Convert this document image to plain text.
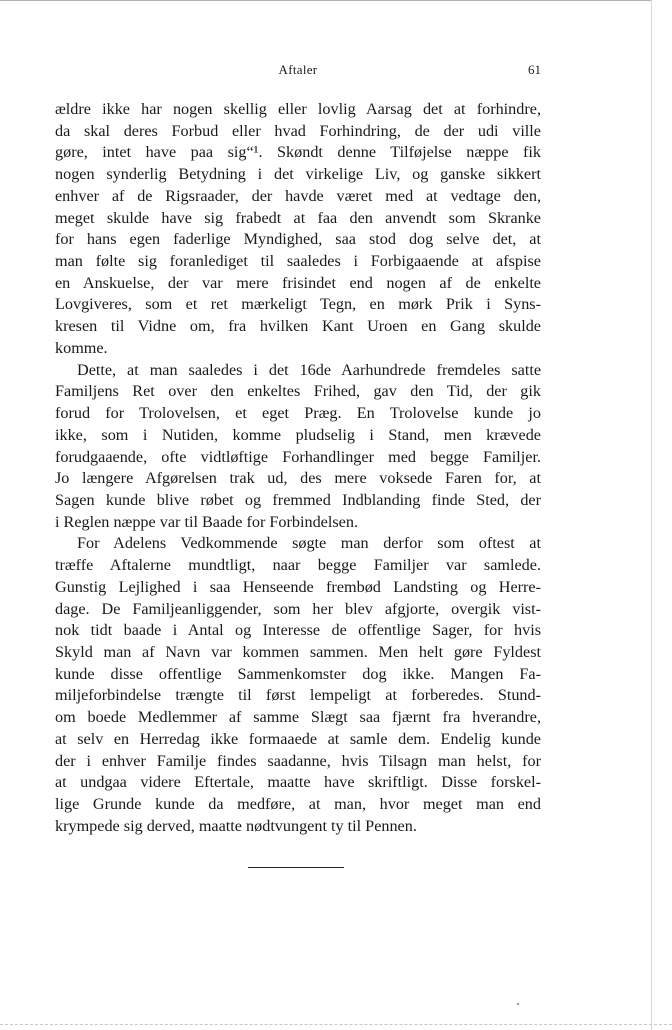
Aftaler	61
ældre ikke har nogen skellig eller lovlig Aarsag det at forhindre,
da skal deres Forbud eller hvad Forhindring, de der udi ville
gøre, intet have paa sig“¹. Skøndt denne Tilføjelse næppe fik
nogen synderlig Betydning i det virkelige Liv, og ganske sikkert
enhver af de Rigsraader, der havde været med at vedtage den,
meget skulde have sig frabedt at faa den anvendt som Skranke
for hans egen faderlige Myndighed, saa stod dog selve det, at
man følte sig foranlediget til saaledes i Forbigaaende at afspise
en Anskuelse, der var mere frisindet end nogen af de enkelte
Lovgiveres, som et ret mærkeligt Tegn, en mørk Prik i Syns-
kresen til Vidne om, fra hvilken Kant Uroen en Gang skulde
komme.
Dette, at man saaledes i det 16de Aarhundrede fremdeles satte
Familjens Ret over den enkeltes Frihed, gav den Tid, der gik
forud for Trolovelsen, et eget Præg. En Trolovelse kunde jo
ikke, som i Nutiden, komme pludselig i Stand, men krævede
forudgaaende, ofte vidtløftige Forhandlinger med begge Familjer.
Jo længere Afgørelsen trak ud, des mere voksede Faren for, at
Sagen kunde blive røbet og fremmed Indblanding finde Sted, der
i Reglen næppe var til Baade for Forbindelsen.
For Adelens Vedkommende søgte man derfor som oftest at
træffe Aftalerne mundtligt, naar begge Familjer var samlede.
Gunstig Lejlighed i saa Henseende frembød Landsting og Herre-
dage. De Familjeanliggender, som her blev afgjorte, overgik vist-
nok tidt baade i Antal og Interesse de offentlige Sager, for hvis
Skyld man af Navn var kommen sammen. Men helt gøre Fyldest
kunde disse offentlige Sammenkomster dog ikke. Mangen Fa-
miljeforbindelse trængte til først lempeligt at forberedes. Stund-
om boede Medlemmer af samme Slægt saa fjærnt fra hverandre,
at selv en Herredag ikke formaaede at samle dem. Endelig kunde
der i enhver Familje findes saadanne, hvis Tilsagn man helst, for
at undgaa videre Eftertale, maatte have skriftligt. Disse forskel-
lige Grunde kunde da medføre, at man, hvor meget man end
krympede sig derved, maatte nødtvungent ty til Pennen.
